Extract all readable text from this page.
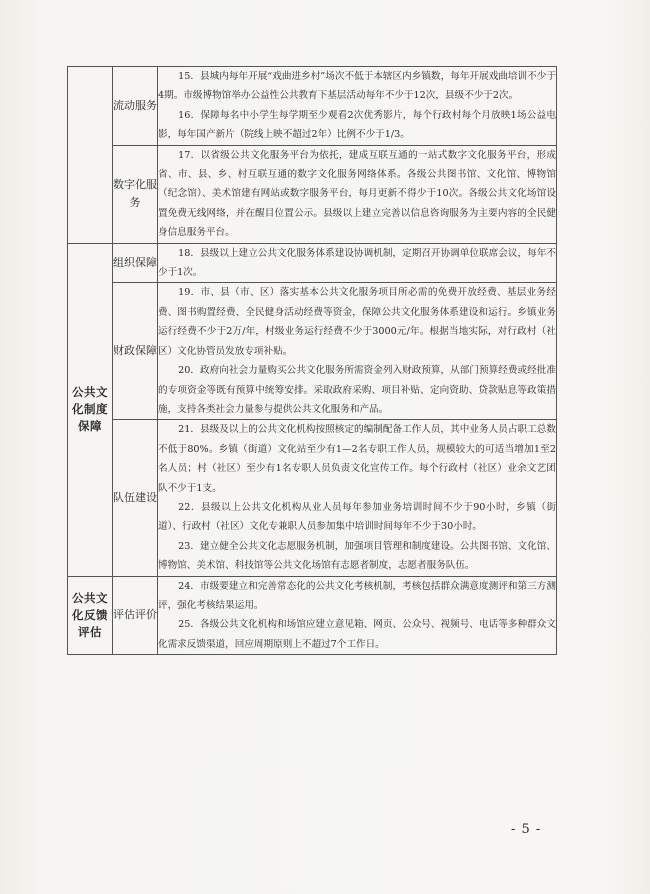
	流动服务	15．县城内每年开展“戏曲进乡村”场次不低于本辖区内乡镇数，每年开展戏曲培训不少于4期。市级博物馆举办公益性公共教育下基层活动每年不少于12次，县级不少于2次。

16．保障每名中小学生每学期至少观看2次优秀影片，每个行政村每个月放映1场公益电影，每年国产新片（院线上映不超过2年）比例不少于1/3。

	数字化服务	17．以省级公共文化服务平台为依托，建成互联互通的一站式数字文化服务平台，形成省、市、县、乡、村互联互通的数字文化服务网络体系。各级公共图书馆、文化馆、博物馆（纪念馆）、美术馆建有网站或数字服务平台，每月更新不得少于10次。各级公共文化场馆设置免费无线网络，并在醒目位置公示。县级以上建立完善以信息咨询服务为主要内容的全民健身信息服务平台。

公共文化制度保障	组织保障	18．县级以上建立公共文化服务体系建设协调机制，定期召开协调单位联席会议，每年不少于1次。

	财政保障	19．市、县（市、区）落实基本公共文化服务项目所必需的免费开放经费、基层业务经费、图书购置经费、全民健身活动经费等资金，保障公共文化服务体系建设和运行。乡镇业务运行经费不少于2万/年，村级业务运行经费不少于3000元/年。根据当地实际，对行政村（社区）文化协管员发放专项补贴。

20．政府向社会力量购买公共文化服务所需资金列入财政预算，从部门预算经费或经批准的专项资金等既有预算中统筹安排。采取政府采购、项目补贴、定向资助、贷款贴息等政策措施，支持各类社会力量参与提供公共文化服务和产品。

	队伍建设	21．县级及以上的公共文化机构按照核定的编制配备工作人员，其中业务人员占职工总数不低于80%。乡镇（街道）文化站至少有1—2名专职工作人员，规模较大的可适当增加1至2名人员；村（社区）至少有1名专职人员负责文化宣传工作。每个行政村（社区）业余文艺团队不少于1支。

22．县级以上公共文化机构从业人员每年参加业务培训时间不少于90小时，乡镇（街道）、行政村（社区）文化专兼职人员参加集中培训时间每年不少于30小时。

23．建立健全公共文化志愿服务机制，加强项目管理和制度建设。公共图书馆、文化馆、博物馆、美术馆、科技馆等公共文化场馆有志愿者制度，志愿者服务队伍。

公共文化反馈评估	评估评价	24．市级要建立和完善常态化的公共文化考核机制，考核包括群众满意度测评和第三方测评，强化考核结果运用。

25．各级公共文化机构和场馆应建立意见箱、网页、公众号、视频号、电话等多种群众文化需求反馈渠道，回应周期原则上不超过7个工作日。

- 5 -
